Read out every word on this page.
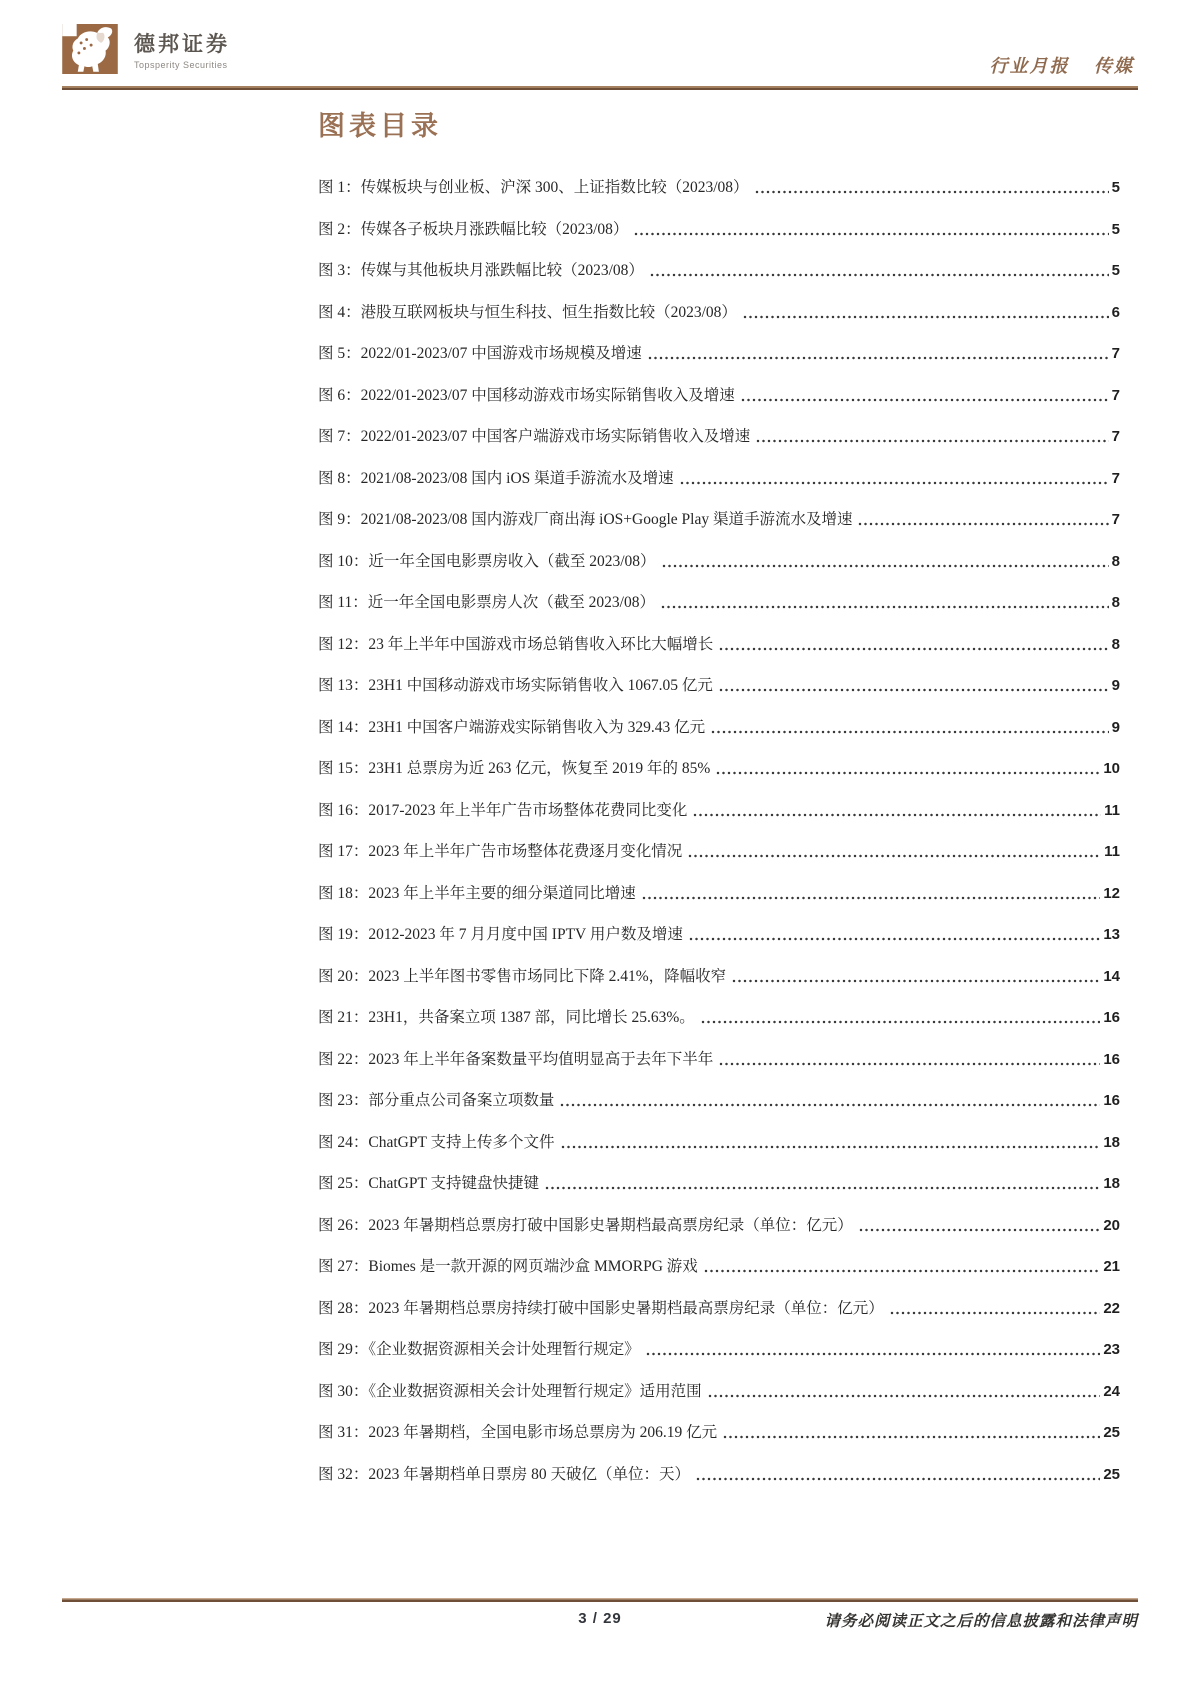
德邦证券
Topsperity Securities	行业月报 传媒
图表目录
图 1：传媒板块与创业板、沪深 300、上证指数比较（2023/08）	5
图 2：传媒各子板块月涨跌幅比较（2023/08）	5
图 3：传媒与其他板块月涨跌幅比较（2023/08）	5
图 4：港股互联网板块与恒生科技、恒生指数比较（2023/08）	6
图 5：2022/01-2023/07 中国游戏市场规模及增速	7
图 6：2022/01-2023/07 中国移动游戏市场实际销售收入及增速	7
图 7：2022/01-2023/07 中国客户端游戏市场实际销售收入及增速	7
图 8：2021/08-2023/08 国内 iOS 渠道手游流水及增速	7
图 9：2021/08-2023/08 国内游戏厂商出海 iOS+Google Play 渠道手游流水及增速	7
图 10：近一年全国电影票房收入（截至 2023/08）	8
图 11：近一年全国电影票房人次（截至 2023/08）	8
图 12：23 年上半年中国游戏市场总销售收入环比大幅增长	8
图 13：23H1 中国移动游戏市场实际销售收入 1067.05 亿元	9
图 14：23H1 中国客户端游戏实际销售收入为 329.43 亿元	9
图 15：23H1 总票房为近 263 亿元，恢复至 2019 年的 85%	10
图 16：2017-2023 年上半年广告市场整体花费同比变化	11
图 17：2023 年上半年广告市场整体花费逐月变化情况	11
图 18：2023 年上半年主要的细分渠道同比增速	12
图 19：2012-2023 年 7 月月度中国 IPTV 用户数及增速	13
图 20：2023 上半年图书零售市场同比下降 2.41%，降幅收窄	14
图 21：23H1，共备案立项 1387 部，同比增长 25.63%。	16
图 22：2023 年上半年备案数量平均值明显高于去年下半年	16
图 23：部分重点公司备案立项数量	16
图 24：ChatGPT 支持上传多个文件	18
图 25：ChatGPT 支持键盘快捷键	18
图 26：2023 年暑期档总票房打破中国影史暑期档最高票房纪录（单位：亿元）	20
图 27：Biomes 是一款开源的网页端沙盒 MMORPG 游戏	21
图 28：2023 年暑期档总票房持续打破中国影史暑期档最高票房纪录（单位：亿元）	22
图 29：《企业数据资源相关会计处理暂行规定》	23
图 30：《企业数据资源相关会计处理暂行规定》适用范围	24
图 31：2023 年暑期档，全国电影市场总票房为 206.19 亿元	25
图 32：2023 年暑期档单日票房 80 天破亿（单位：天）	25
3 / 29	请务必阅读正文之后的信息披露和法律声明
